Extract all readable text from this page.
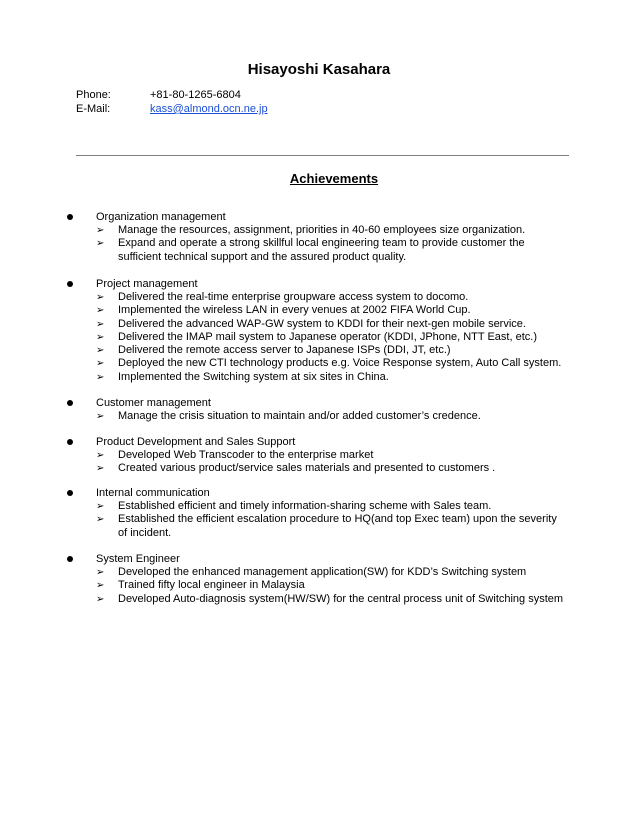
Hisayoshi Kasahara
Phone:	+81-80-1265-6804
E-Mail:	kass@almond.ocn.ne.jp
Achievements
Organization management
➢ Manage the resources, assignment, priorities in 40-60 employees size organization.
➢ Expand and operate a strong skillful local engineering team to provide customer the
sufficient technical support and the assured product quality.
Project management
➢ Delivered the real-time enterprise groupware access system to docomo.
➢ Implemented the wireless LAN in every venues at 2002 FIFA World Cup.
➢ Delivered the advanced WAP-GW system to KDDI for their next-gen mobile service.
➢ Delivered the IMAP mail system to Japanese operator (KDDI, JPhone, NTT East, etc.)
➢ Delivered the remote access server to Japanese ISPs (DDI, JT, etc.)
➢ Deployed the new CTI technology products e.g. Voice Response system, Auto Call system.
➢ Implemented the Switching system at six sites in China.
Customer management
➢ Manage the crisis situation to maintain and/or added customer’s credence.
Product Development and Sales Support
➢ Developed Web Transcoder to the enterprise market
➢ Created various product/service sales materials and presented to customers .
Internal communication
➢ Established efficient and timely information-sharing scheme with Sales team.
➢ Established the efficient escalation procedure to HQ(and top Exec team) upon the severity
of incident.
System Engineer
➢ Developed the enhanced management application(SW) for KDD’s Switching system
➢ Trained fifty local engineer in Malaysia
➢ Developed Auto-diagnosis system(HW/SW) for the central process unit of Switching system
